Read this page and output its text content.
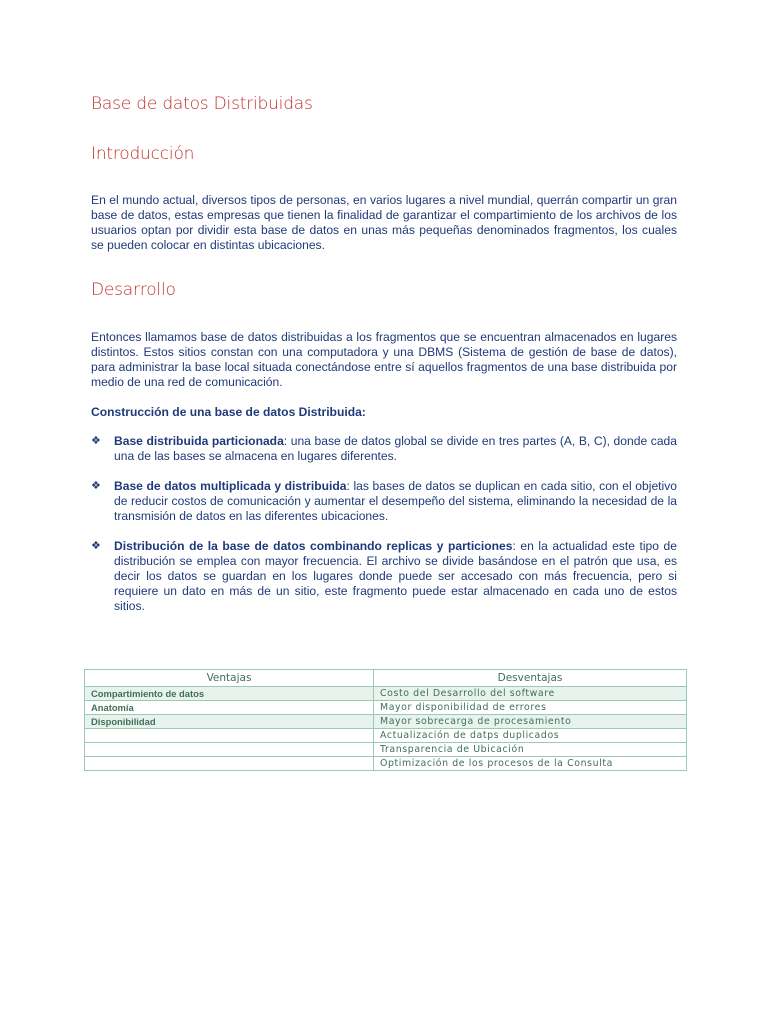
Base de datos Distribuidas
Introducción

En el mundo actual, diversos tipos de personas, en varios lugares a nivel mundial, querrán compartir un gran base de datos, estas empresas que tienen la finalidad de garantizar el compartimiento de los archivos de los usuarios optan por dividir esta base de datos en unas más pequeñas denominados fragmentos, los cuales se pueden colocar en distintas ubicaciones.

Desarrollo

Entonces llamamos base de datos distribuidas a los fragmentos que se encuentran almacenados en lugares distintos. Estos sitios constan con una computadora y una DBMS (Sistema de gestión de base de datos), para administrar la base local situada conectándose entre sí aquellos fragmentos de una base distribuida por medio de una red de comunicación.

Construcción de una base de datos Distribuida:

❖ Base distribuida particionada: una base de datos global se divide en tres partes (A, B, C), donde cada una de las bases se almacena en lugares diferentes.
❖ Base de datos multiplicada y distribuida: las bases de datos se duplican en cada sitio, con el objetivo de reducir costos de comunicación y aumentar el desempeño del sistema, eliminando la necesidad de la transmisión de datos en las diferentes ubicaciones.
❖ Distribución de la base de datos combinando replicas y particiones: en la actualidad este tipo de distribución se emplea con mayor frecuencia. El archivo se divide basándose en el patrón que usa, es decir los datos se guardan en los lugares donde puede ser accesado con más frecuencia, pero si requiere un dato en más de un sitio, este fragmento puede estar almacenado en cada uno de estos sitios.
Ventajas	Desventajas
Compartimiento de datos	Costo del Desarrollo del software
Anatomía	Mayor disponibilidad de errores
Disponibilidad	Mayor sobrecarga de procesamiento
	Actualización de datps duplicados
	Transparencia de Ubicación
	Optimización de los procesos de la Consulta
